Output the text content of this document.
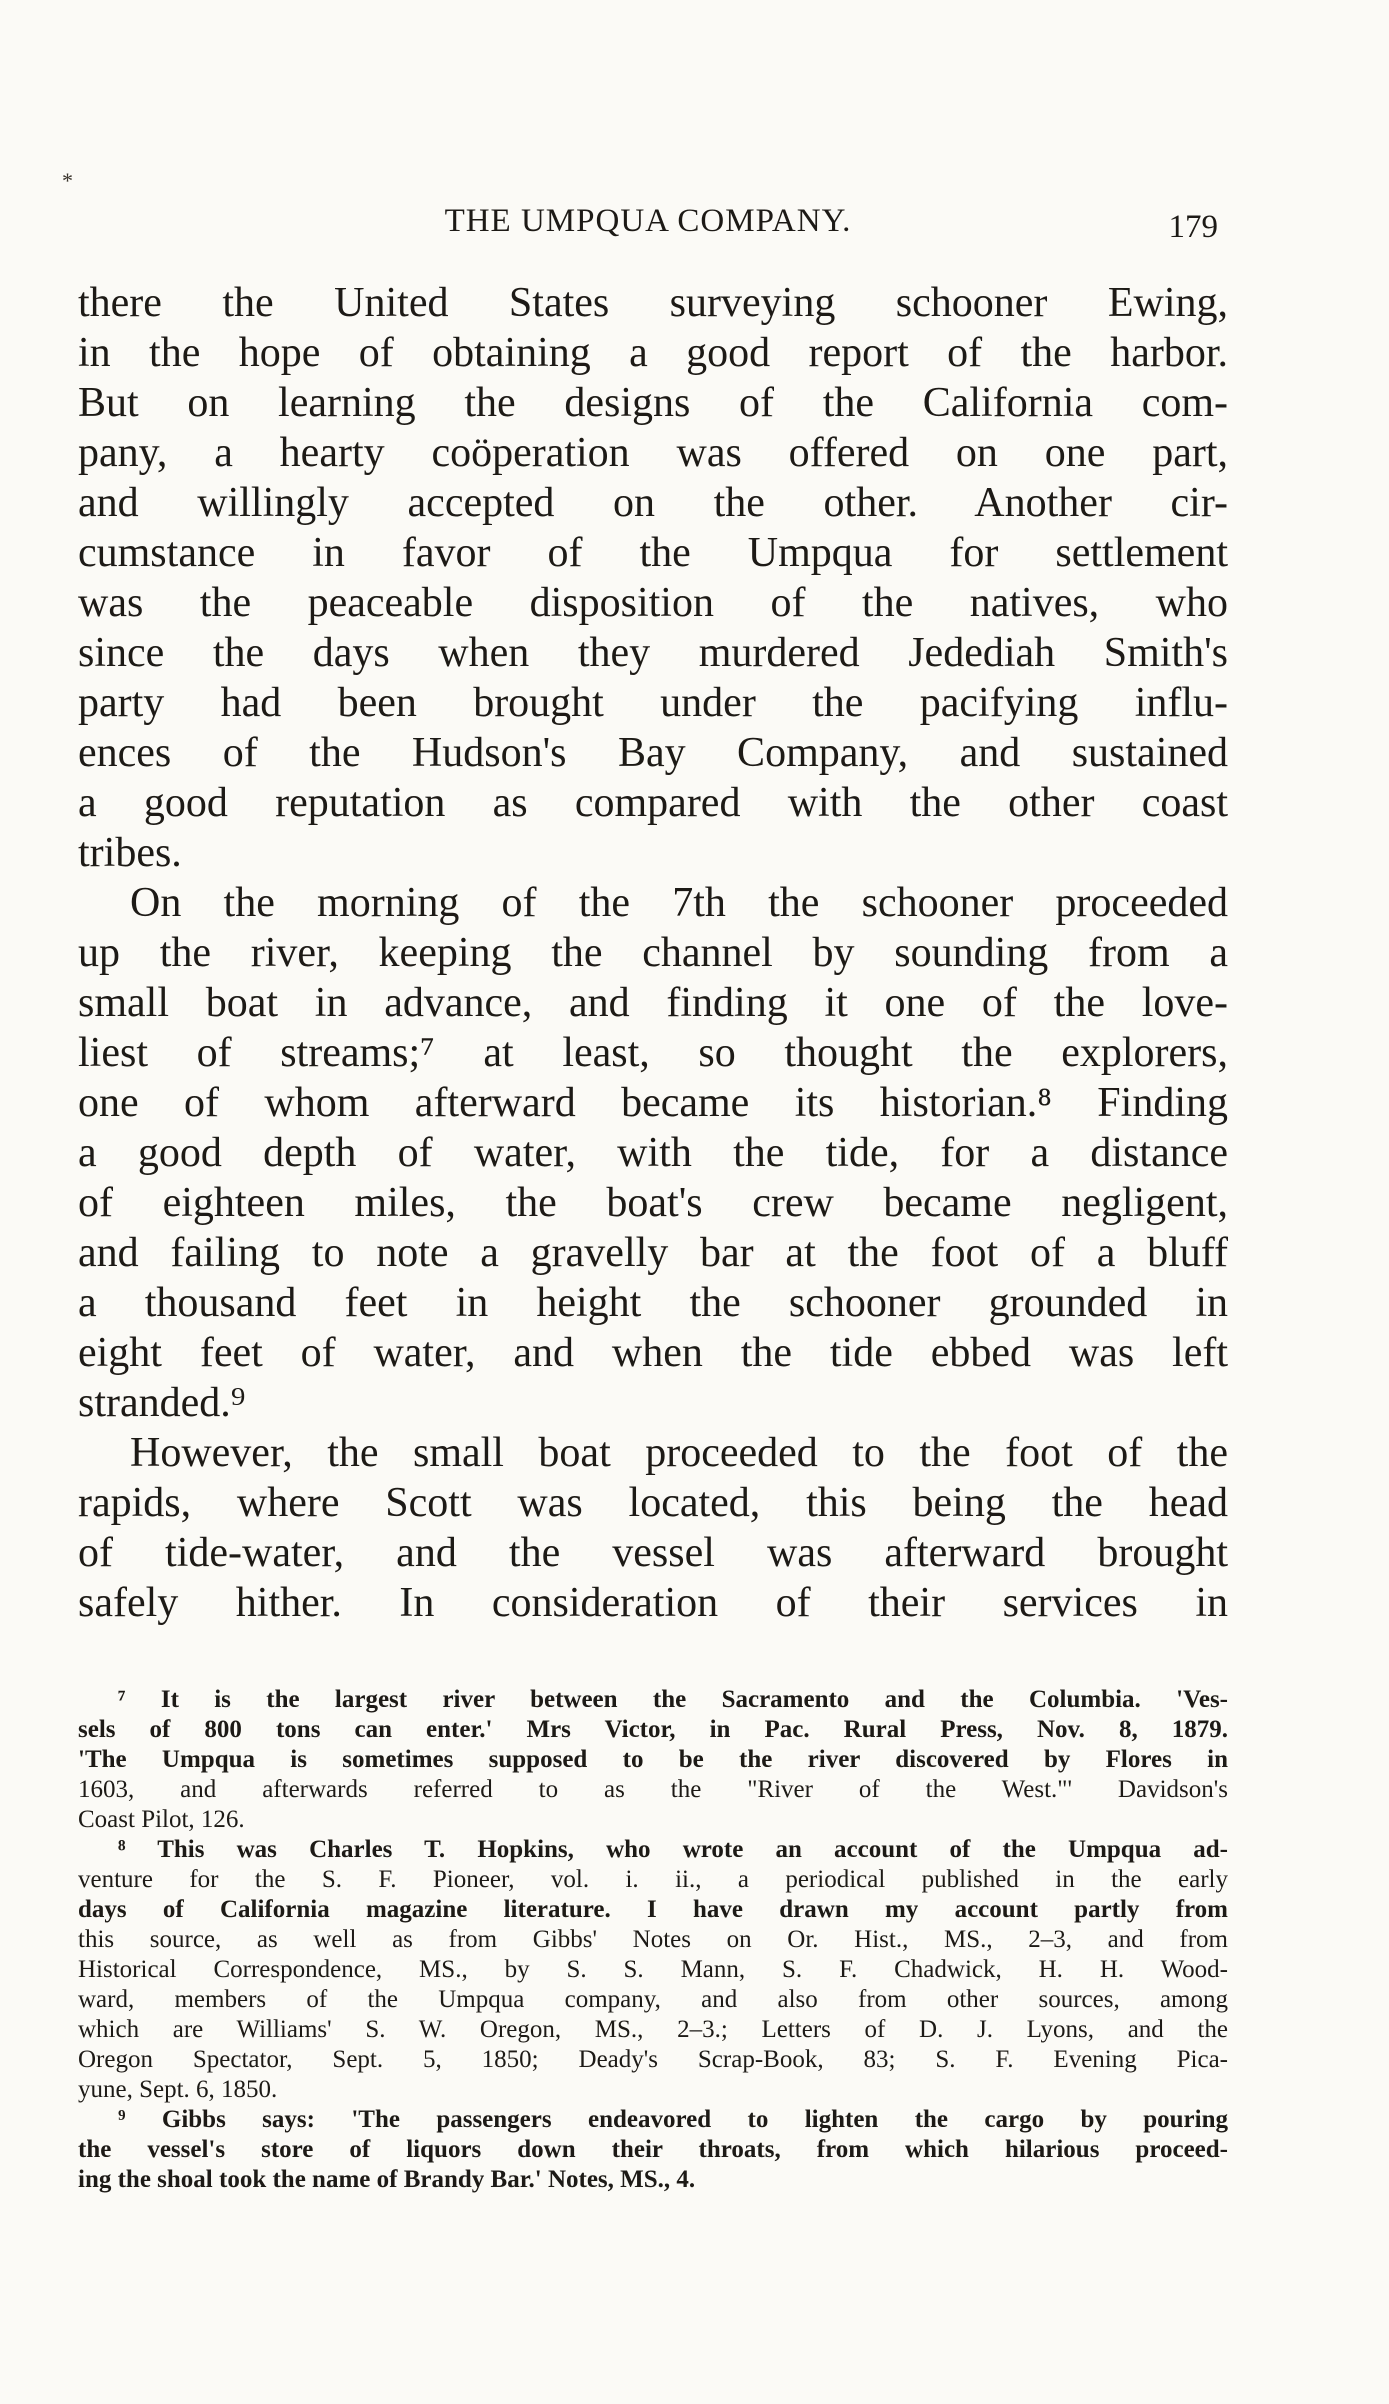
*
THE UMPQUA COMPANY.	179
there the United States surveying schooner Ewing,
in the hope of obtaining a good report of the harbor.
But on learning the designs of the California com-
pany, a hearty coöperation was offered on one part,
and willingly accepted on the other. Another cir-
cumstance in favor of the Umpqua for settlement
was the peaceable disposition of the natives, who
since the days when they murdered Jedediah Smith's
party had been brought under the pacifying influ-
ences of the Hudson's Bay Company, and sustained
a good reputation as compared with the other coast
tribes.
On the morning of the 7th the schooner proceeded
up the river, keeping the channel by sounding from a
small boat in advance, and finding it one of the love-
liest of streams;⁷ at least, so thought the explorers,
one of whom afterward became its historian.⁸ Finding
a good depth of water, with the tide, for a distance
of eighteen miles, the boat's crew became negligent,
and failing to note a gravelly bar at the foot of a bluff
a thousand feet in height the schooner grounded in
eight feet of water, and when the tide ebbed was left
stranded.⁹
However, the small boat proceeded to the foot of the
rapids, where Scott was located, this being the head
of tide-water, and the vessel was afterward brought
safely hither. In consideration of their services in
⁷ It is the largest river between the Sacramento and the Columbia. 'Ves-
sels of 800 tons can enter.' Mrs Victor, in Pac. Rural Press, Nov. 8, 1879.
'The Umpqua is sometimes supposed to be the river discovered by Flores in
1603, and afterwards referred to as the "River of the West."' Davidson's
Coast Pilot, 126.
⁸ This was Charles T. Hopkins, who wrote an account of the Umpqua ad-
venture for the S. F. Pioneer, vol. i. ii., a periodical published in the early
days of California magazine literature. I have drawn my account partly from
this source, as well as from Gibbs' Notes on Or. Hist., MS., 2–3, and from
Historical Correspondence, MS., by S. S. Mann, S. F. Chadwick, H. H. Wood-
ward, members of the Umpqua company, and also from other sources, among
which are Williams' S. W. Oregon, MS., 2–3.; Letters of D. J. Lyons, and the
Oregon Spectator, Sept. 5, 1850; Deady's Scrap-Book, 83; S. F. Evening Pica-
yune, Sept. 6, 1850.
⁹ Gibbs says: 'The passengers endeavored to lighten the cargo by pouring
the vessel's store of liquors down their throats, from which hilarious proceed-
ing the shoal took the name of Brandy Bar.' Notes, MS., 4.
